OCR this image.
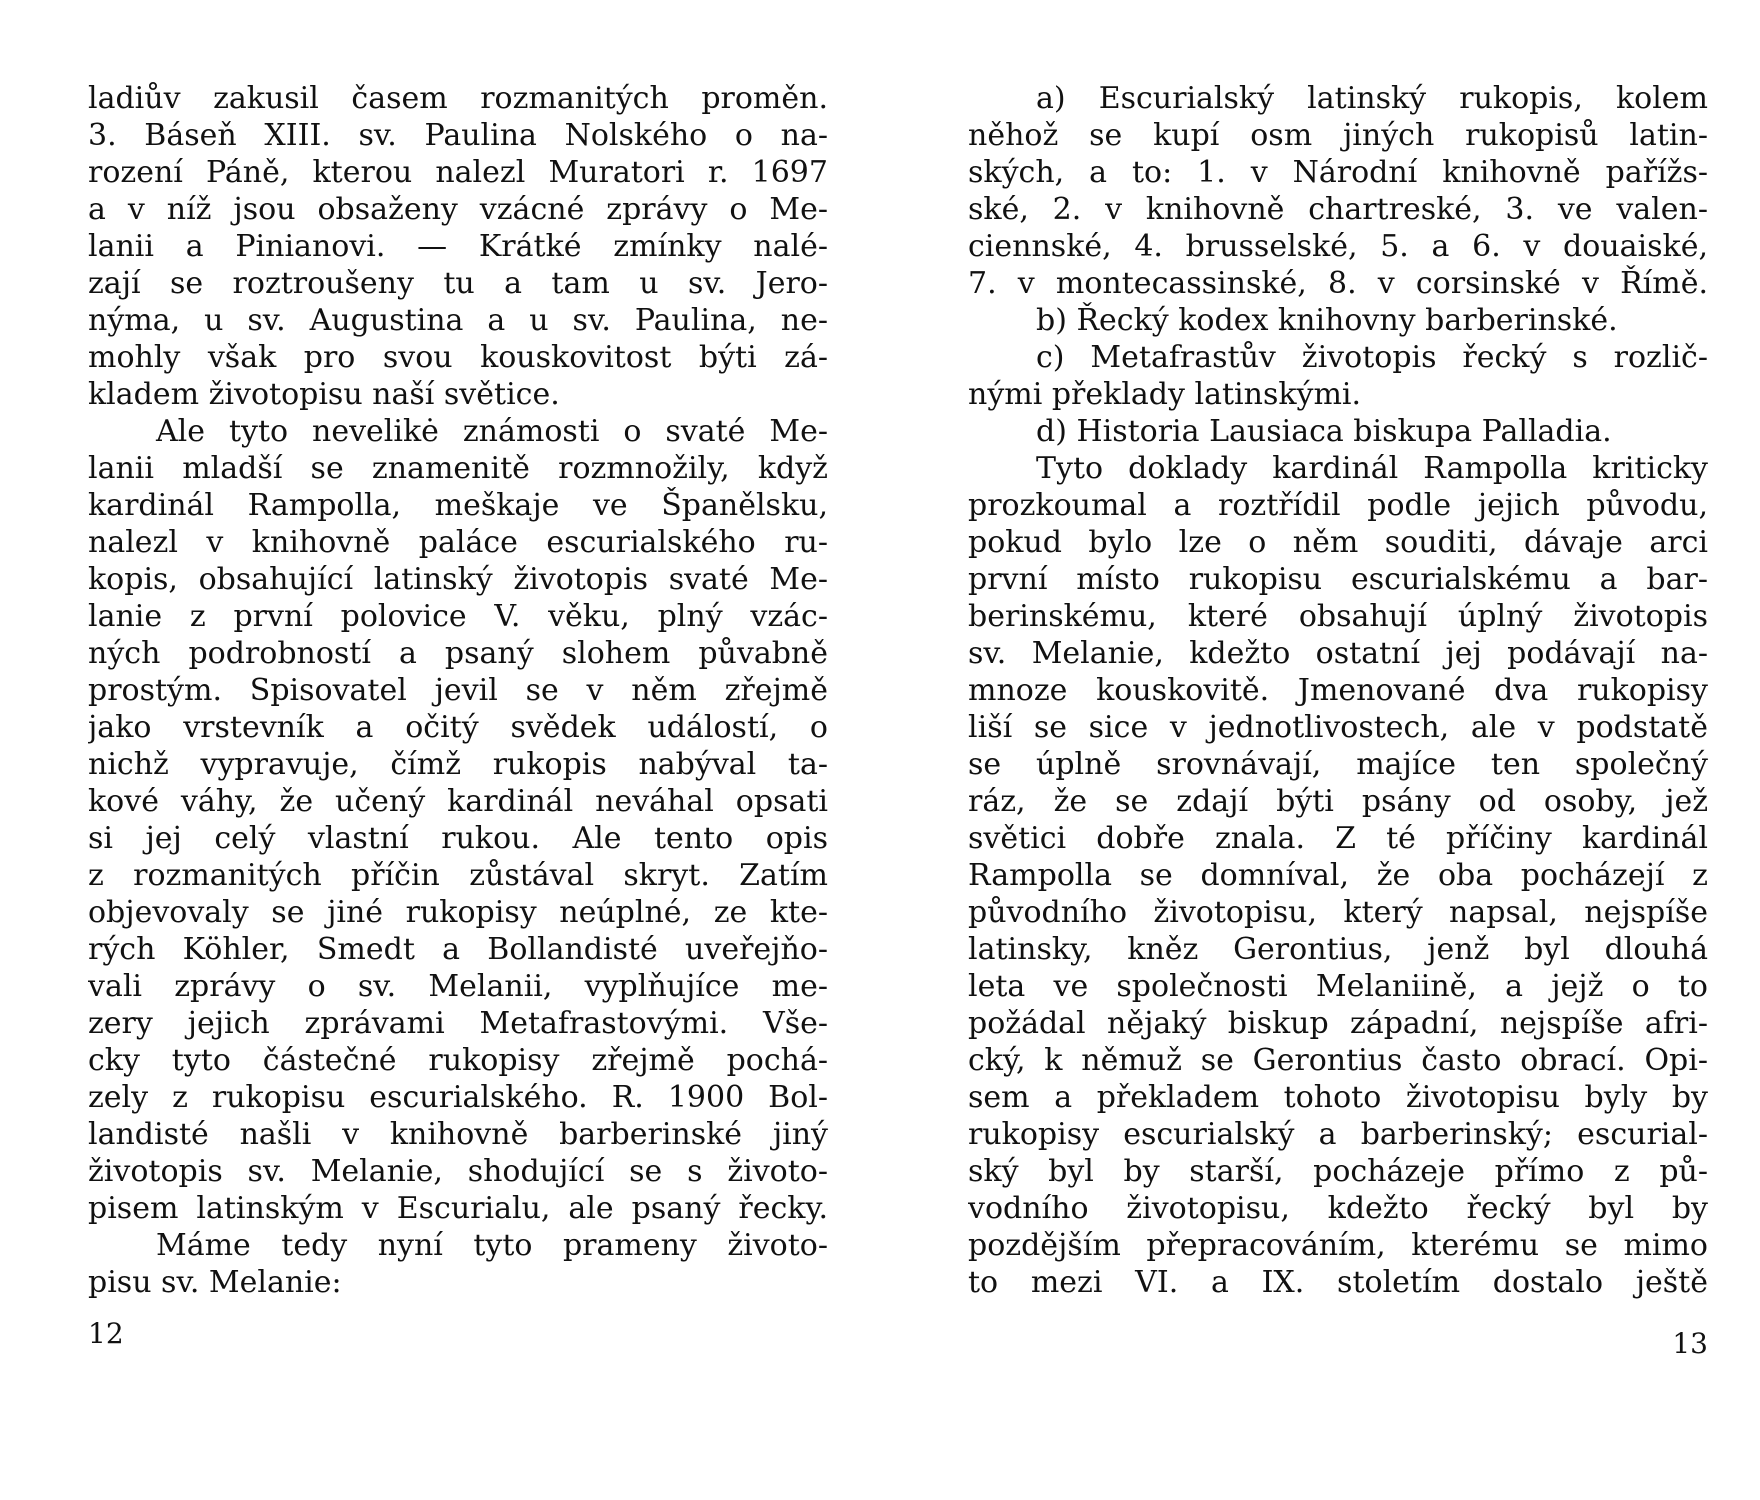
ladiův zakusil časem rozmanitých proměn.
3. Báseň XIII. sv. Paulina Nolského o na-
rození Páně, kterou nalezl Muratori r. 1697
a v níž jsou obsaženy vzácné zprávy o Me-
lanii a Pinianovi. — Krátké zmínky nalé-
zají se roztroušeny tu a tam u sv. Jero-
nýma, u sv. Augustina a u sv. Paulina, ne-
mohly však pro svou kouskovitost býti zá-
kladem životopisu naší světice.
Ale tyto nevelikė známosti o svaté Me-
lanii mladší se znamenitě rozmnožily, když
kardinál Rampolla, meškaje ve Španělsku,
nalezl v knihovně paláce escurialského ru-
kopis, obsahující latinský životopis svaté Me-
lanie z první polovice V. věku, plný vzác-
ných podrobností a psaný slohem půvabně
prostým. Spisovatel jevil se v něm zřejmě
jako vrstevník a očitý svědek událostí, o
nichž vypravuje, čímž rukopis nabýval ta-
kové váhy, že učený kardinál neváhal opsati
si jej celý vlastní rukou. Ale tento opis
z rozmanitých příčin zůstával skryt. Zatím
objevovaly se jiné rukopisy neúplné, ze kte-
rých Köhler, Smedt a Bollandisté uveřejňo-
vali zprávy o sv. Melanii, vyplňujíce me-
zery jejich zprávami Metafrastovými. Vše-
cky tyto částečné rukopisy zřejmě pochá-
zely z rukopisu escurialského. R. 1900 Bol-
landisté našli v knihovně barberinské jiný
životopis sv. Melanie, shodující se s životo-
pisem latinským v Escurialu, ale psaný řecky.
Máme tedy nyní tyto prameny životo-
pisu sv. Melanie:
12
a) Escurialský latinský rukopis, kolem
něhož se kupí osm jiných rukopisů latin-
ských, a to: 1. v Národní knihovně pařížs-
ské, 2. v knihovně chartreské, 3. ve valen-
ciennské, 4. brusselské, 5. a 6. v douaiské,
7. v montecassinské, 8. v corsinské v Římě.
b) Řecký kodex knihovny barberinské.
c) Metafrastův životopis řecký s rozlič-
nými překlady latinskými.
d) Historia Lausiaca biskupa Palladia.
Tyto doklady kardinál Rampolla kriticky
prozkoumal a roztřídil podle jejich původu,
pokud bylo lze o něm souditi, dávaje arci
první místo rukopisu escurialskému a bar-
berinskému, které obsahují úplný životopis
sv. Melanie, kdežto ostatní jej podávají na-
mnoze kouskovitě. Jmenované dva rukopisy
liší se sice v jednotlivostech, ale v podstatě
se úplně srovnávají, majíce ten společný
ráz, že se zdají býti psány od osoby, jež
světici dobře znala. Z té příčiny kardinál
Rampolla se domníval, že oba pocházejí z
původního životopisu, který napsal, nejspíše
latinsky, kněz Gerontius, jenž byl dlouhá
leta ve společnosti Melaniině, a jejž o to
požádal nějaký biskup západní, nejspíše afri-
cký, k němuž se Gerontius často obrací. Opi-
sem a překladem tohoto životopisu byly by
rukopisy escurialský a barberinský; escurial-
ský byl by starší, pocházeje přímo z pů-
vodního životopisu, kdežto řecký byl by
pozdějším přepracováním, kterému se mimo
to mezi VI. a IX. stoletím dostalo ještě
13
